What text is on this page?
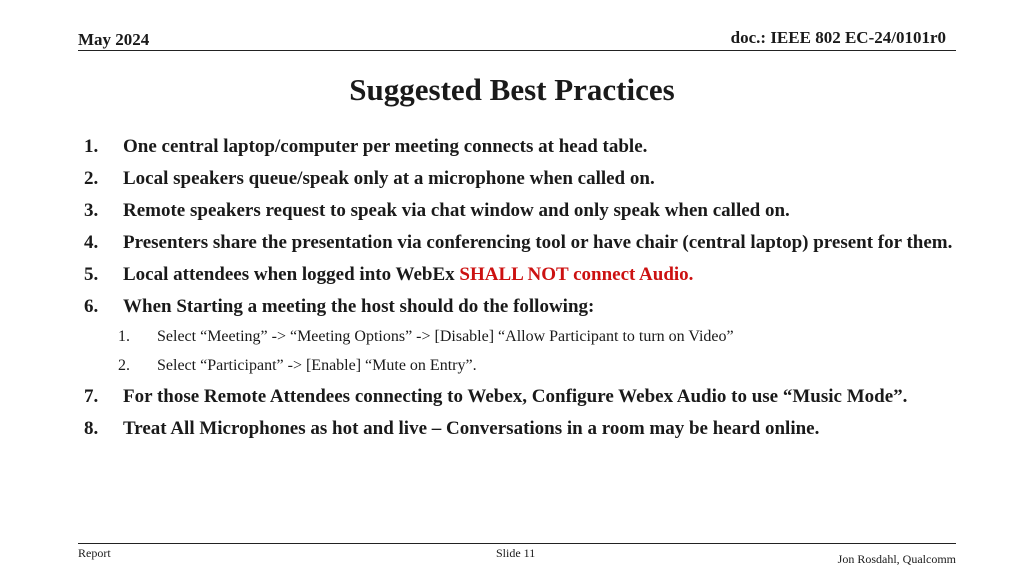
May 2024	doc.: IEEE 802 EC-24/0101r0
Suggested Best Practices
1.	One central laptop/computer per meeting connects at head table.
2.	Local speakers queue/speak only at a microphone when called on.
3.	Remote speakers request to speak via chat window and only speak when called on.
4.	Presenters share the presentation via conferencing tool or have chair (central laptop) present for them.
5.	Local attendees when logged into WebEx SHALL NOT connect Audio.
6.	When Starting a meeting the host should do the following:
1.	Select “Meeting” -> “Meeting Options” -> [Disable] “Allow Participant to turn on Video”
2.	Select “Participant” -> [Enable] “Mute on Entry”.
7.	For those Remote Attendees connecting to Webex, Configure Webex Audio to use “Music Mode”.
8.	Treat All Microphones as hot and live – Conversations in a room may be heard online.
Report	Slide 11	Jon Rosdahl, Qualcomm
